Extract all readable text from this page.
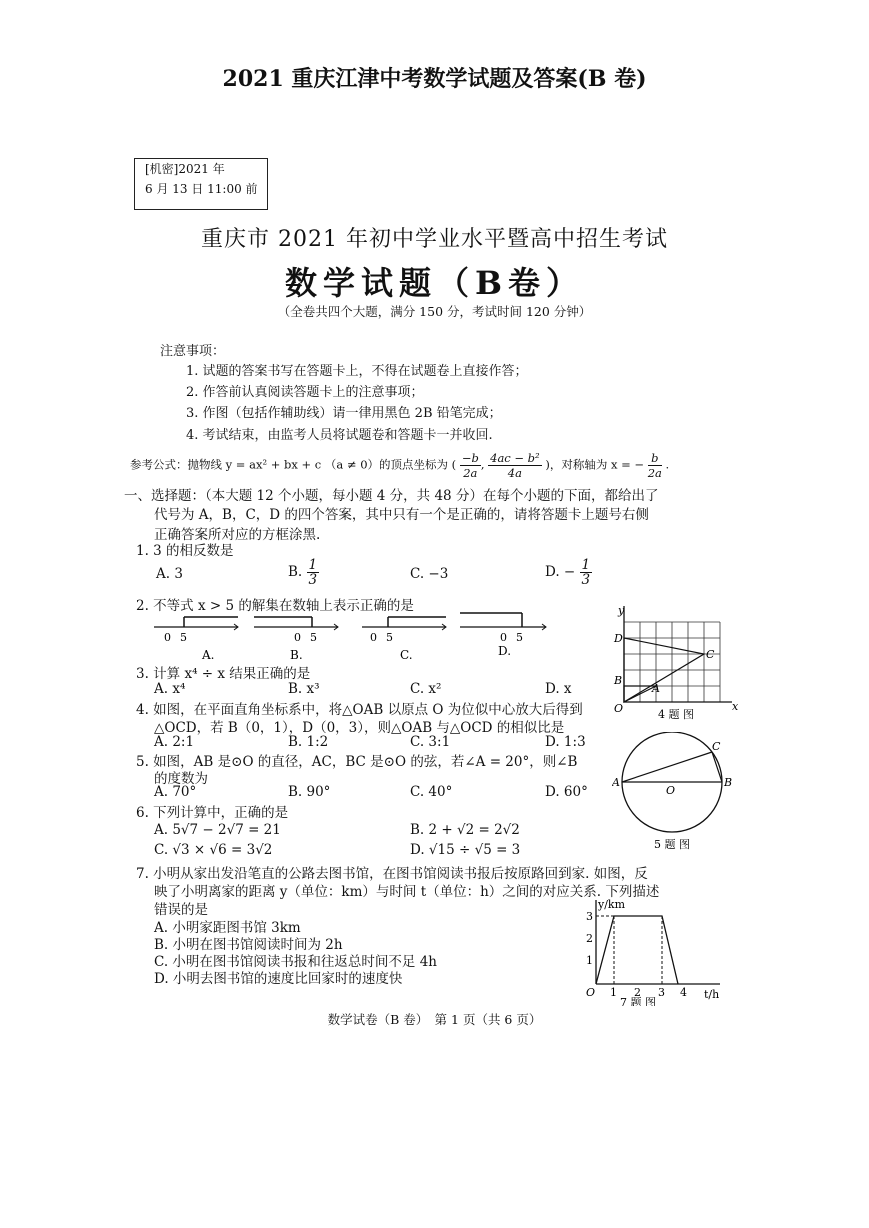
2021 重庆江津中考数学试题及答案(B 卷)
[机密]2021 年
6 月 13 日 11:00 前
重庆市 2021 年初中学业水平暨高中招生考试
数学试题（B卷）
（全卷共四个大题，满分 150 分，考试时间 120 分钟）
注意事项：
1. 试题的答案书写在答题卡上，不得在试题卷上直接作答；
2. 作答前认真阅读答题卡上的注意事项；
3. 作图（包括作辅助线）请一律用黑色 2B 铅笔完成；
4. 考试结束，由监考人员将试题卷和答题卡一并收回.
参考公式：抛物线 y = ax² + bx + c （a ≠ 0）的顶点坐标为 ( $\frac{-b}{2a}$ , $\frac{\text{4ac − b²}}{4a}$ )，对称轴为 x = − $\frac{b}{2a}$ .
一、选择题：（本大题 12 个小题，每小题 4 分，共 48 分）在每个小题的下面，都给出了
代号为 A，B，C，D 的四个答案，其中只有一个是正确的，请将答题卡上题号右侧
正确答案所对应的方框涂黑.
1. 3 的相反数是
A. 3	B. $\frac{1}{3}$	C. −3	D. − $\frac{1}{3}$
2. 不等式 x > 5 的解集在数轴上表示正确的是
0 5
A.
0 5
B.
0 5
C.
0 5
D.
3. 计算 x⁴ ÷ x 结果正确的是
A. x⁴	B. x³	C. x²	D. x
4. 如图，在平面直角坐标系中，将△OAB 以原点 O 为位似中心放大后得到
△OCD，若 B（0，1），D（0，3），则△OAB 与△OCD 的相似比是
A. 2:1	B. 1:2	C. 3:1	D. 1:3
5. 如图，AB 是⊙O 的直径，AC，BC 是⊙O 的弦，若∠A = 20°，则∠B
的度数为
A. 70°	B. 90°	C. 40°	D. 60°
6. 下列计算中，正确的是
A. 5√7 − 2√7 = 21	B. 2 + √2 = 2√2
C. √3 × √6 = 3√2	D. √15 ÷ √5 = 3
7. 小明从家出发沿笔直的公路去图书馆，在图书馆阅读书报后按原路回到家. 如图，反
映了小明离家的距离 y（单位：km）与时间 t（单位：h）之间的对应关系. 下列描述
错误的是
A. 小明家距图书馆 3km
B. 小明在图书馆阅读时间为 2h
C. 小明在图书馆阅读书报和往返总时间不足 4h
D. 小明去图书馆的速度比回家时的速度快
y
x
O
D
B
A
C
4 题 图
A	B
C
O
5 题 图
y/km
t/h
O
3
2
1
1 2 3 4
7 题 图
数学试卷（B 卷）　第 1 页（共 6 页）
